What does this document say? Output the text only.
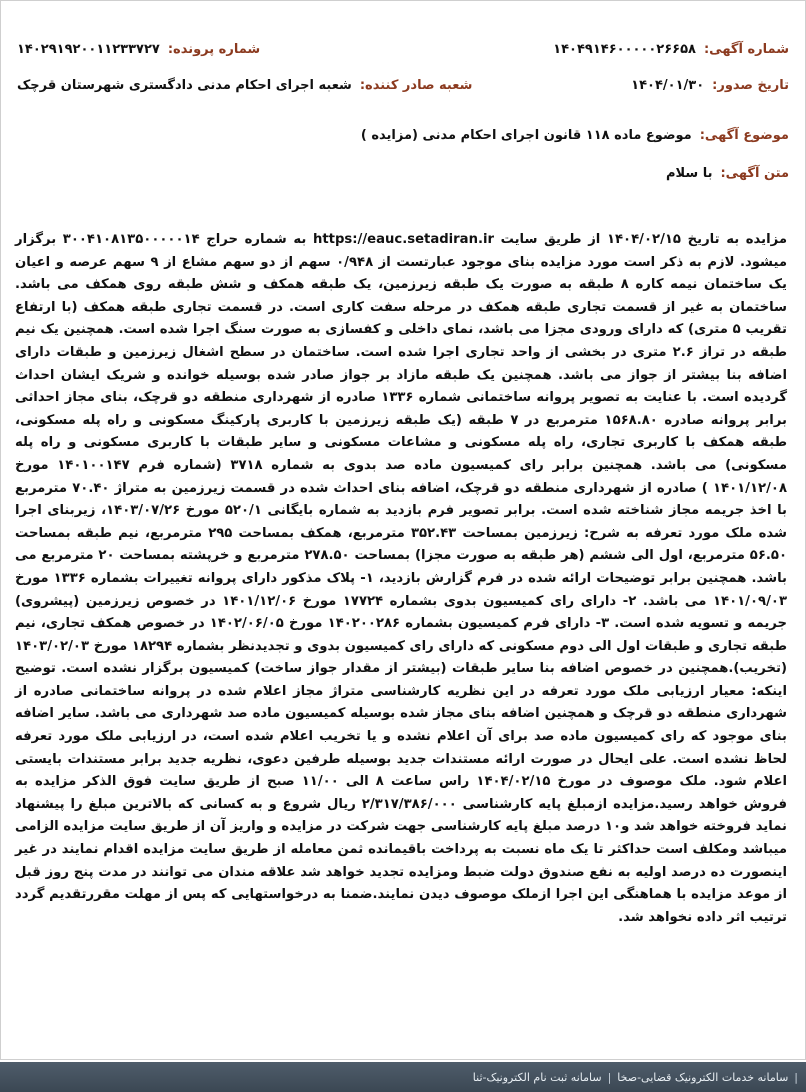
شماره آگهی:
۱۴۰۴۹۱۴۶۰۰۰۰۰۲۶۶۵۸
شماره پرونده:
۱۴۰۲۹۱۹۲۰۰۱۱۲۳۳۷۲۷
تاریخ صدور:
۱۴۰۴/۰۱/۳۰
شعبه صادر کننده:
شعبه اجرای احکام مدنی دادگستری شهرستان قرچک
موضوع آگهی:
موضوع ماده ۱۱۸ قانون اجرای احکام مدنی (مزایده )
متن آگهی:
با سلام
مزایده به تاریخ ۱۴۰۴/۰۲/۱۵ از طریق سایت https://eauc.setadiran.ir به شماره حراج ۳۰۰۴۱۰۸۱۳۵۰۰۰۰۰۱۴ برگزار میشود. لازم به ذکر است مورد مزایده بنای موجود عبارتست از ۰/۹۴۸ سهم از دو سهم مشاع از ۹ سهم عرصه و اعیان یک ساختمان نیمه کاره ۸ طبقه به صورت یک طبقه زیرزمین، یک طبقه همکف و شش طبقه روی همکف می باشد. ساختمان به غیر از قسمت تجاری طبقه همکف در مرحله سفت کاری است. در قسمت تجاری طبقه همکف (با ارتفاع تقریب ۵ متری) که دارای ورودی مجزا می باشد، نمای داخلی و کفسازی به صورت سنگ اجرا شده است. همچنین یک نیم طبقه در تراز ۲.۶ متری در بخشی از واحد تجاری اجرا شده است. ساختمان در سطح اشغال زیرزمین و طبقات دارای اضافه بنا بیشتر از جواز می باشد. همچنین یک طبقه مازاد بر جواز صادر شده بوسیله خوانده و شریک ایشان احداث گردیده است. با عنایت به تصویر پروانه ساختمانی شماره ۱۳۳۶ صادره از شهرداری منطقه دو قرچک، بنای مجاز احداثی برابر پروانه صادره ۱۵۶۸.۸۰ مترمربع در ۷ طبقه (یک طبقه زیرزمین با کاربری پارکینگ مسکونی و راه پله مسکونی، طبقه همکف با کاربری تجاری، راه پله مسکونی و مشاعات مسکونی و سایر طبقات با کاربری مسکونی و راه پله مسکونی) می باشد. همچنین برابر رای کمیسیون ماده صد بدوی به شماره ۳۷۱۸ (شماره فرم ۱۴۰۱۰۰۱۴۷ مورخ ۱۴۰۱/۱۲/۰۸ ) صادره از شهرداری منطقه دو قرچک، اضافه بنای احداث شده در قسمت زیرزمین به متراژ ۷۰.۴۰ مترمربع با اخذ جریمه مجاز شناخته شده است. برابر تصویر فرم بازدید به شماره بایگانی ۵۲۰/۱ مورخ ۱۴۰۳/۰۷/۲۶، زیربنای اجرا شده ملک مورد تعرفه به شرح: زیرزمین بمساحت ۳۵۲.۴۳ مترمربع، همکف بمساحت ۲۹۵ مترمربع، نیم طبقه بمساحت ۵۶.۵۰ مترمربع، اول الی ششم (هر طبقه به صورت مجزا) بمساحت ۲۷۸.۵۰ مترمربع و خرپشته بمساحت ۲۰ مترمربع می باشد. همچنین برابر توضیحات ارائه شده در فرم گزارش بازدید، ۱- پلاک مذکور دارای پروانه تغییرات بشماره ۱۳۳۶ مورخ ۱۴۰۱/۰۹/۰۳ می باشد. ۲- دارای رای کمیسیون بدوی بشماره ۱۷۷۲۴ مورخ ۱۴۰۱/۱۲/۰۶ در خصوص زیرزمین (پیشروی) جریمه و تسویه شده است. ۳- دارای فرم کمیسیون بشماره ۱۴۰۲۰۰۲۸۶ مورخ ۱۴۰۲/۰۶/۰۵ در خصوص همکف تجاری، نیم طبقه تجاری و طبقات اول الی دوم مسکونی که دارای رای کمیسیون بدوی و تجدیدنظر بشماره ۱۸۲۹۴ مورخ ۱۴۰۳/۰۲/۰۳ (تخریب).همچنین در خصوص اضافه بنا سایر طبقات (بیشتر از مقدار جواز ساخت) کمیسیون برگزار نشده است. توضیح اینکه: معیار ارزیابی ملک مورد تعرفه در این نظریه کارشناسی متراژ مجاز اعلام شده در پروانه ساختمانی صادره از شهرداری منطقه دو قرچک و همچنین اضافه بنای مجاز شده بوسیله کمیسیون ماده صد شهرداری می باشد. سایر اضافه بنای موجود که رای کمیسیون ماده صد برای آن اعلام نشده و یا تخریب اعلام شده است، در ارزیابی ملک مورد تعرفه لحاظ نشده است. علی ایحال در صورت ارائه مستندات جدید بوسیله طرفین دعوی، نظریه جدید برابر مستندات بایستی اعلام شود. ملک موصوف در مورخ ۱۴۰۴/۰۲/۱۵ راس ساعت ۸ الی ۱۱/۰۰ صبح از طریق سایت فوق الذکر مزایده به فروش خواهد رسید.مزایده ازمبلغ پایه کارشناسی ۲/۳۱۷/۳۸۶/۰۰۰ ریال شروع و به کسانی که بالاترین مبلغ را پیشنهاد نماید فروخته خواهد شد و۱۰ درصد مبلغ پایه کارشناسی جهت شرکت در مزایده و واریز آن از طریق سایت مزایده الزامی میباشد ومکلف است حداکثر تا یک ماه نسبت به پرداخت باقیمانده ثمن معامله از طریق سایت مزایده اقدام نمایند در غیر اینصورت ده درصد اولیه به نفع صندوق دولت ضبط ومزایده تجدید خواهد شد علاقه مندان می توانند در مدت پنج روز قبل از موعد مزایده با هماهنگی این اجرا ازملک موصوف دیدن نمایند.ضمنا به درخواستهایی که پس از مهلت مقررتقدیم گردد ترتیب اثر داده نخواهد شد.
|
سامانه خدمات الکترونیک قضایی-صخا
|
سامانه ثبت نام الکترونیک-ثنا
